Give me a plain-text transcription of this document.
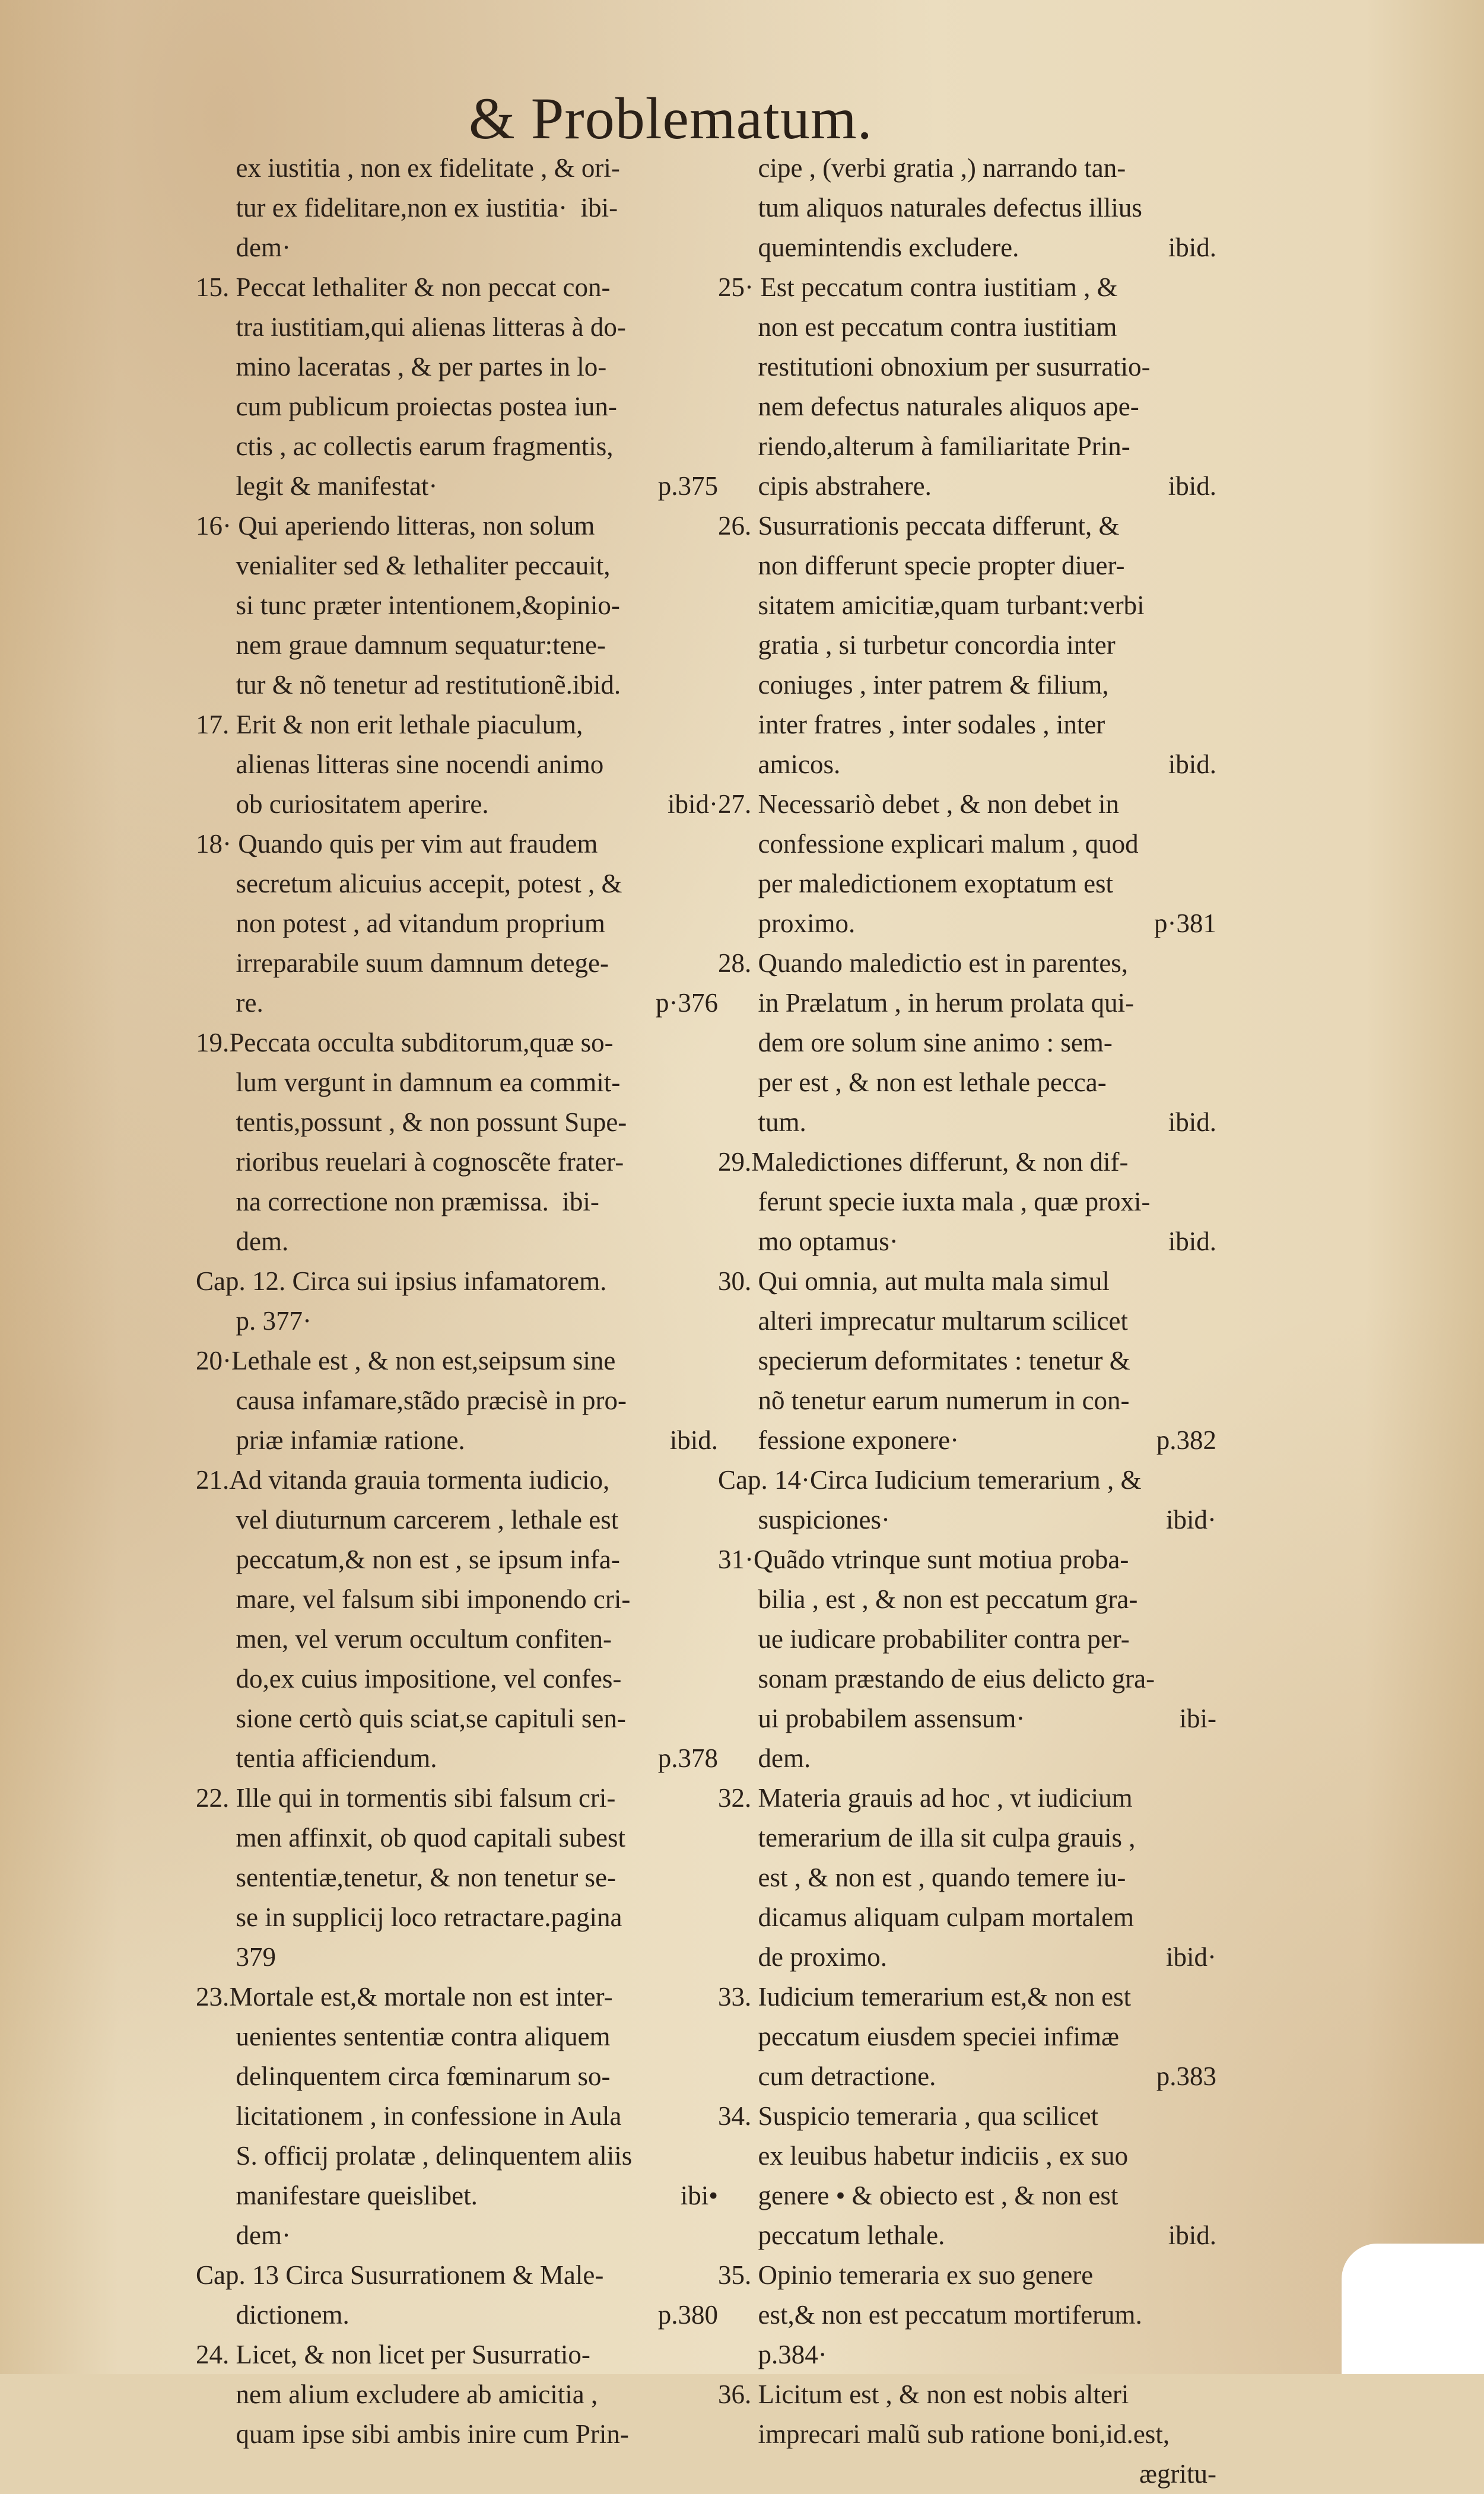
& Problematum.
ex iustitia , non ex fidelitate , & ori-
tur ex fidelitare,non ex iustitia·  ibi-
dem·
15. Peccat lethaliter & non peccat con-
tra iustitiam,qui alienas litteras à do-
mino laceratas , & per partes in lo-
cum publicum proiectas postea iun-
ctis , ac collectis earum fragmentis,
legit & manifestat·	p.375
16· Qui aperiendo litteras, non solum
venialiter sed & lethaliter peccauit,
si tunc præter intentionem,&opinio-
nem graue damnum sequatur:tene-
tur & nõ tenetur ad restitutionẽ.ibid.
17. Erit & non erit lethale piaculum,
alienas litteras sine nocendi animo
ob curiositatem aperire.	ibid·
18· Quando quis per vim aut fraudem
secretum alicuius accepit, potest , &
non potest , ad vitandum proprium
irreparabile suum damnum detege-
re.	p·376
19.Peccata occulta subditorum,quæ so-
lum vergunt in damnum ea commit-
tentis,possunt , & non possunt Supe-
rioribus reuelari à cognoscẽte frater-
na correctione non præmissa.  ibi-
dem.
Cap. 12. Circa sui ipsius infamatorem.
p. 377·
20·Lethale est , & non est,seipsum sine
causa infamare,stãdo præcisè in pro-
priæ infamiæ ratione.	ibid.
21.Ad vitanda grauia tormenta iudicio,
vel diuturnum carcerem , lethale est
peccatum,& non est , se ipsum infa-
mare, vel falsum sibi imponendo cri-
men, vel verum occultum confiten-
do,ex cuius impositione, vel confes-
sione certò quis sciat,se capituli sen-
tentia afficiendum.	p.378
22. Ille qui in tormentis sibi falsum cri-
men affinxit, ob quod capitali subest
sententiæ,tenetur, & non tenetur se-
se in supplicij loco retractare.pagina
379
23.Mortale est,& mortale non est inter-
uenientes sententiæ contra aliquem
delinquentem circa fœminarum so-
licitationem , in confessione in Aula
S. officij prolatæ , delinquentem aliis
manifestare queislibet.	ibi•
dem·
Cap. 13 Circa Susurrationem & Male-
dictionem.	p.380
24. Licet, & non licet per Susurratio-
nem alium excludere ab amicitia ,
quam ipse sibi ambis inire cum Prin-
cipe , (verbi gratia ,) narrando tan-
tum aliquos naturales defectus illius
quemintendis excludere.	ibid.
25· Est peccatum contra iustitiam , &
non est peccatum contra iustitiam
restitutioni obnoxium per susurratio-
nem defectus naturales aliquos ape-
riendo,alterum à familiaritate Prin-
cipis abstrahere.	ibid.
26. Susurrationis peccata differunt, &
non differunt specie propter diuer-
sitatem amicitiæ,quam turbant:verbi
gratia , si turbetur concordia inter
coniuges , inter patrem & filium,
inter fratres , inter sodales , inter
amicos.	ibid.
27. Necessariò debet , & non debet in
confessione explicari malum , quod
per maledictionem exoptatum est
proximo.	p·381
28. Quando maledictio est in parentes,
in Prælatum , in herum prolata qui-
dem ore solum sine animo : sem-
per est , & non est lethale pecca-
tum.	ibid.
29.Maledictiones differunt, & non dif-
ferunt specie iuxta mala , quæ proxi-
mo optamus·	ibid.
30. Qui omnia, aut multa mala simul
alteri imprecatur multarum scilicet
specierum deformitates : tenetur &
nõ tenetur earum numerum in con-
fessione exponere·	p.382
Cap. 14·Circa Iudicium temerarium , &
suspiciones·	ibid·
31·Quãdo vtrinque sunt motiua proba-
bilia , est , & non est peccatum gra-
ue iudicare probabiliter contra per-
sonam præstando de eius delicto gra-
ui probabilem assensum·	ibi-
dem.
32. Materia grauis ad hoc , vt iudicium
temerarium de illa sit culpa grauis ,
est , & non est , quando temere iu-
dicamus aliquam culpam mortalem
de proximo.	ibid·
33. Iudicium temerarium est,& non est
peccatum eiusdem speciei infimæ
cum detractione.	p.383
34. Suspicio temeraria , qua scilicet
ex leuibus habetur indiciis , ex suo
genere • & obiecto est , & non est
peccatum lethale.	ibid.
35. Opinio temeraria ex suo genere
est,& non est peccatum mortiferum.
p.384·
36. Licitum est , & non est nobis alteri
imprecari malũ sub ratione boni,id.est,
ægritu-
